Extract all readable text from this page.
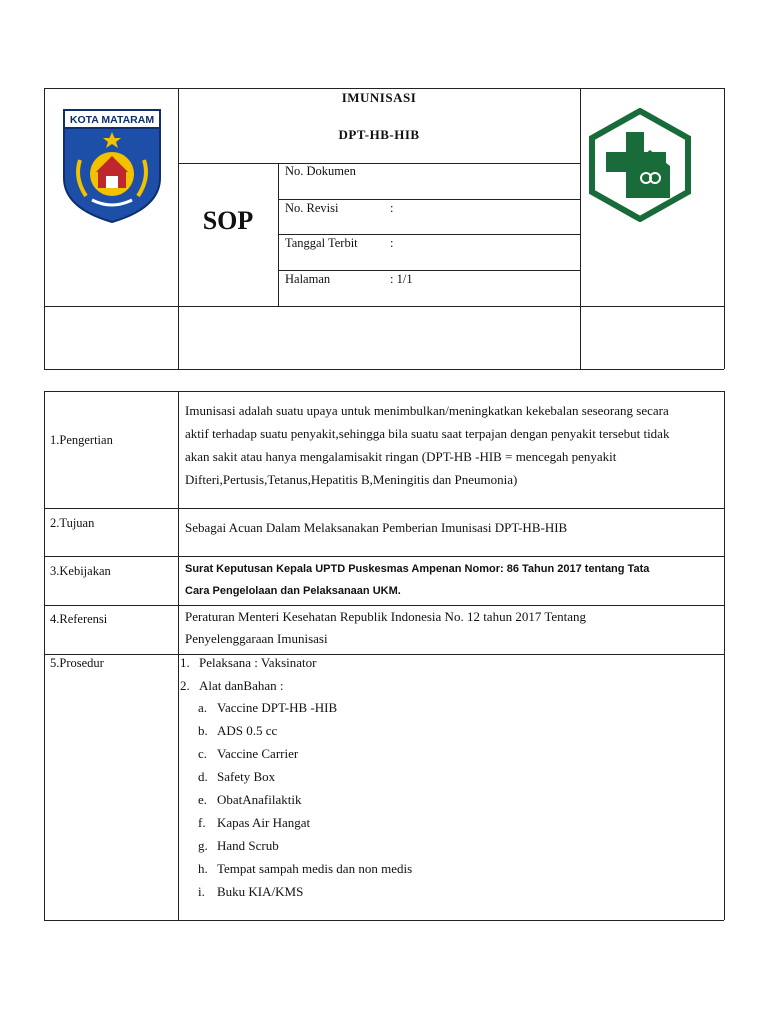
KOTA MATARAM
IMUNISASI
DPT-HB-HIB
SOP
No. Dokumen
No. Revisi	:
Tanggal Terbit	:
Halaman	: 1/1
1.Pengertian
Imunisasi adalah suatu upaya untuk menimbulkan/meningkatkan kekebalan seseorang secara
aktif terhadap suatu penyakit,sehingga bila suatu saat terpajan dengan penyakit tersebut tidak
akan sakit atau hanya mengalamisakit ringan (DPT-HB -HIB = mencegah penyakit
Difteri,Pertusis,Tetanus,Hepatitis B,Meningitis dan Pneumonia)
2.Tujuan	Sebagai Acuan Dalam Melaksanakan Pemberian Imunisasi DPT-HB-HIB
3.Kebijakan	Surat Keputusan Kepala UPTD Puskesmas Ampenan Nomor: 86 Tahun 2017 tentang Tata
Cara Pengelolaan dan Pelaksanaan UKM.
4.Referensi	Peraturan Menteri Kesehatan Republik Indonesia No. 12 tahun 2017 Tentang
Penyelenggaraan Imunisasi
5.Prosedur	1. Pelaksana : Vaksinator
2. Alat danBahan :
a. Vaccine DPT-HB -HIB
b. ADS 0.5 cc
c. Vaccine Carrier
d. Safety Box
e. ObatAnafilaktik
f. Kapas Air Hangat
g. Hand Scrub
h. Tempat sampah medis dan non medis
i. Buku KIA/KMS
